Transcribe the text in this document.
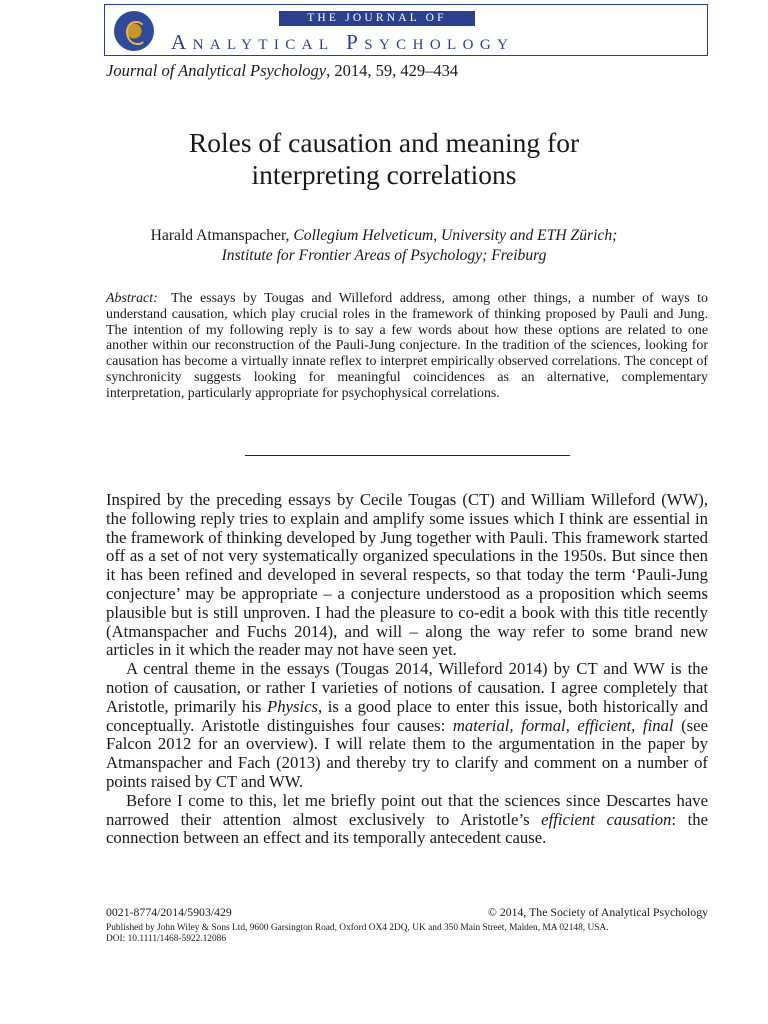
THE JOURNAL OF
Analytical Psychology
Journal of Analytical Psychology, 2014, 59, 429–434
Roles of causation and meaning for
interpreting correlations
Harald Atmanspacher, Collegium Helveticum, University and ETH Zürich;
Institute for Frontier Areas of Psychology; Freiburg

Abstract: The essays by Tougas and Willeford address, among other things, a number of ways to understand causation, which play crucial roles in the framework of thinking proposed by Pauli and Jung. The intention of my following reply is to say a few words about how these options are related to one another within our reconstruction of the Pauli-Jung conjecture. In the tradition of the sciences, looking for causation has become a virtually innate reflex to interpret empirically observed correlations. The concept of synchronicity suggests looking for meaningful coincidences as an alternative, complementary interpretation, particularly appropriate for psychophysical correlations.

Inspired by the preceding essays by Cecile Tougas (CT) and William Willeford (WW), the following reply tries to explain and amplify some issues which I think are essential in the framework of thinking developed by Jung together with Pauli. This framework started off as a set of not very systematically organized speculations in the 1950s. But since then it has been refined and developed in several respects, so that today the term ‘Pauli-Jung conjecture’ may be appropriate – a conjecture understood as a proposition which seems plausible but is still unproven. I had the pleasure to co-edit a book with this title recently (Atmanspacher and Fuchs 2014), and will – along the way refer to some brand new articles in it which the reader may not have seen yet.

A central theme in the essays (Tougas 2014, Willeford 2014) by CT and WW is the notion of causation, or rather I varieties of notions of causation. I agree completely that Aristotle, primarily his Physics, is a good place to enter this issue, both historically and conceptually. Aristotle distinguishes four causes: material, formal, efficient, final (see Falcon 2012 for an overview). I will relate them to the argumentation in the paper by Atmanspacher and Fach (2013) and thereby try to clarify and comment on a number of points raised by CT and WW.

Before I come to this, let me briefly point out that the sciences since Descartes have narrowed their attention almost exclusively to Aristotle’s efficient causation: the connection between an effect and its temporally antecedent cause.

0021-8774/2014/5903/429	© 2014, The Society of Analytical Psychology
Published by John Wiley & Sons Ltd, 9600 Garsington Road, Oxford OX4 2DQ, UK and 350 Main Street, Malden, MA 02148, USA.
DOI: 10.1111/1468-5922.12086
